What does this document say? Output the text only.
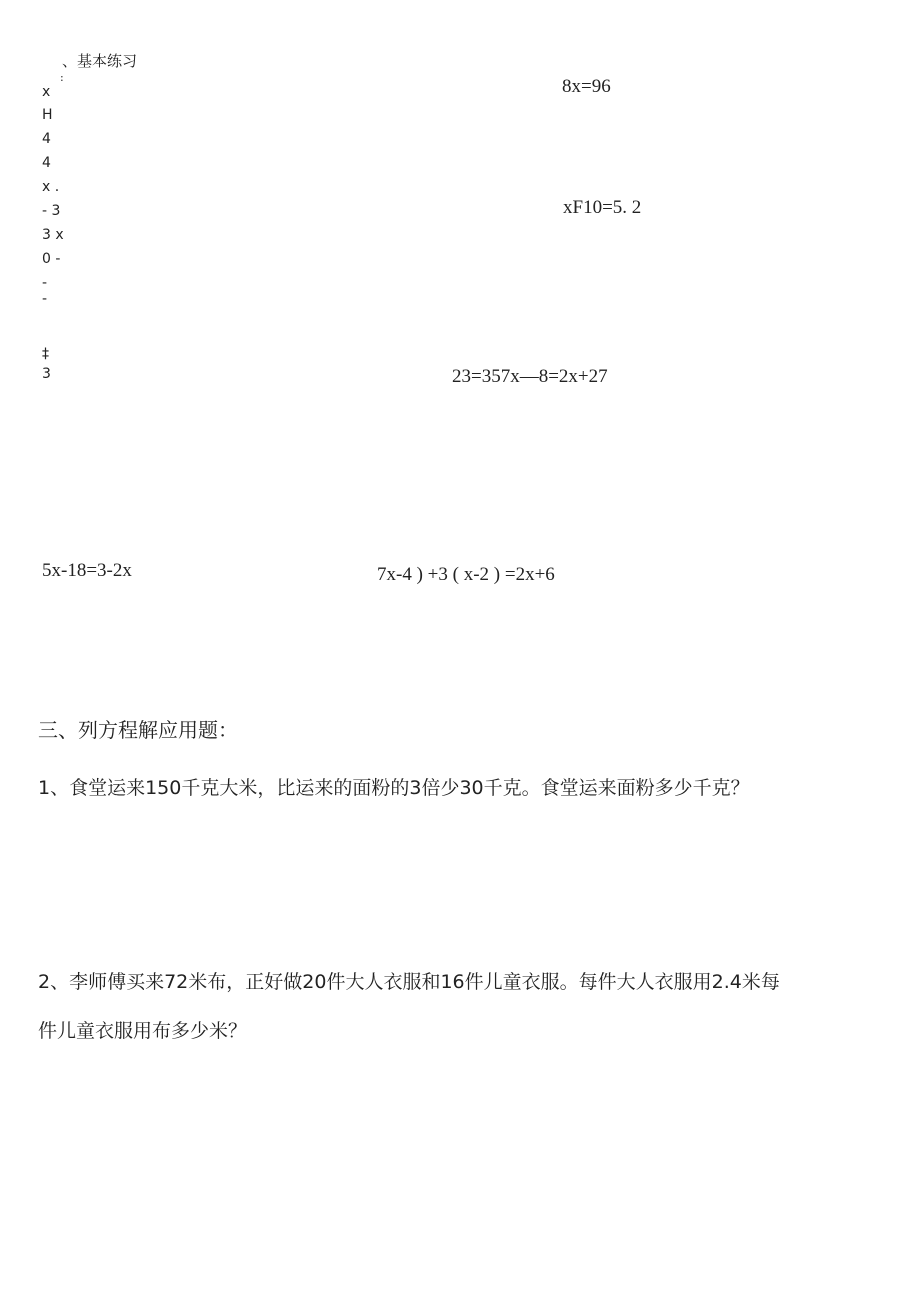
、基本练习
:
x
H
4
4
x .
- 3
3 x
0 -
-
-
‡
3
8x=96
xF10=5. 2
23=357x—8=2x+27
5x-18=3-2x	7x-4 ) +3 ( x-2 ) =2x+6
三、列方程解应用题：
1、食堂运来150千克大米，比运来的面粉的3倍少30千克。食堂运来面粉多少千克？
2、李师傅买来72米布，正好做20件大人衣服和16件儿童衣服。每件大人衣服用2.4米每
件儿童衣服用布多少米？
